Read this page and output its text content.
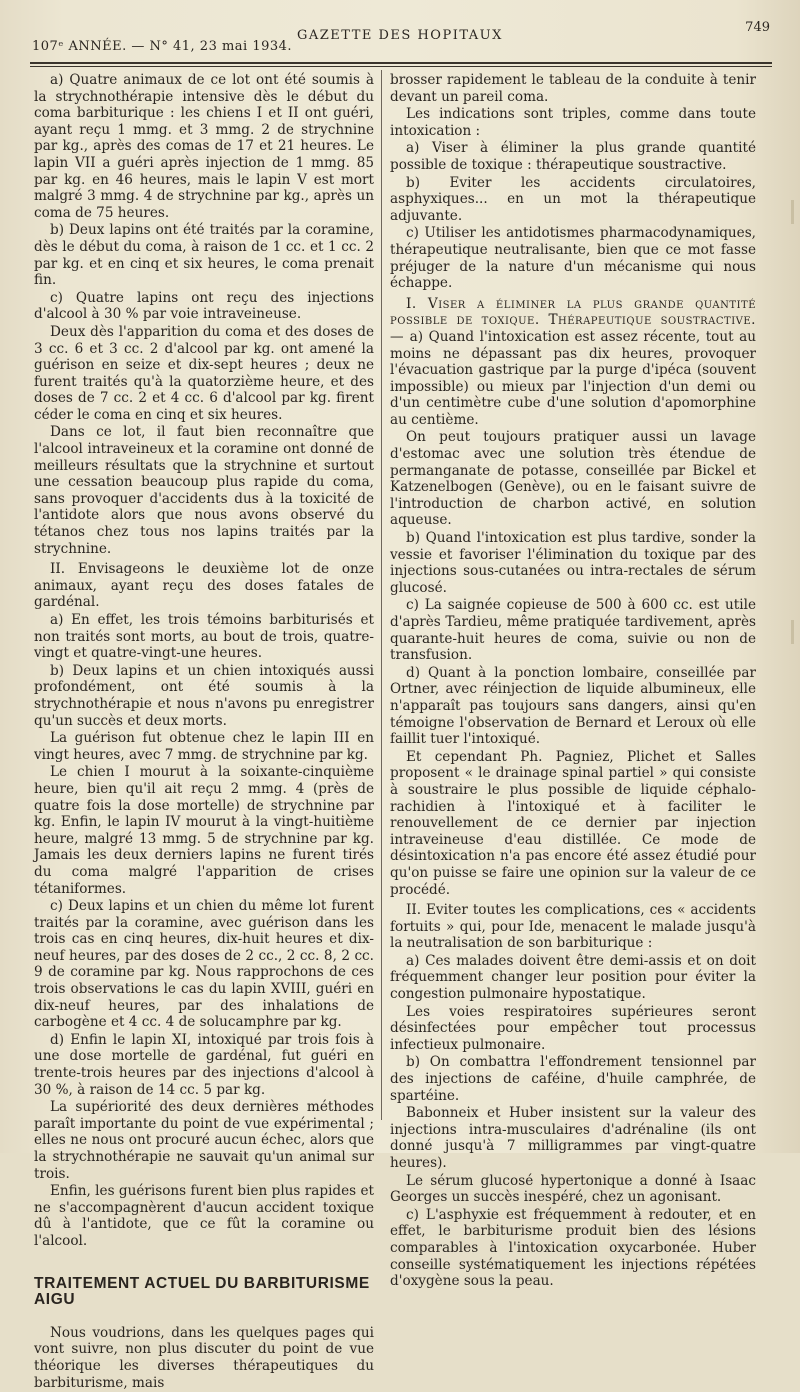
107ᵉ ANNÉE. — N° 41, 23 mai 1934.
GAZETTE DES HOPITAUX
749

a) Quatre animaux de ce lot ont été soumis à la strychnothérapie intensive dès le début du coma barbiturique : les chiens I et II ont guéri, ayant reçu 1 mmg. et 3 mmg. 2 de strychnine par kg., après des comas de 17 et 21 heures. Le lapin VII a guéri après injection de 1 mmg. 85 par kg. en 46 heures, mais le lapin V est mort malgré 3 mmg. 4 de strychnine par kg., après un coma de 75 heures.

b) Deux lapins ont été traités par la coramine, dès le début du coma, à raison de 1 cc. et 1 cc. 2 par kg. et en cinq et six heures, le coma prenait fin.

c) Quatre lapins ont reçu des injections d'alcool à 30 % par voie intraveineuse.

Deux dès l'apparition du coma et des doses de 3 cc. 6 et 3 cc. 2 d'alcool par kg. ont amené la guérison en seize et dix-sept heures ; deux ne furent traités qu'à la quatorzième heure, et des doses de 7 cc. 2 et 4 cc. 6 d'alcool par kg. firent céder le coma en cinq et six heures.

Dans ce lot, il faut bien reconnaître que l'alcool intraveineux et la coramine ont donné de meilleurs résultats que la strychnine et surtout une cessation beaucoup plus rapide du coma, sans provoquer d'accidents dus à la toxicité de l'antidote alors que nous avons observé du tétanos chez tous nos lapins traités par la strychnine.

II. Envisageons le deuxième lot de onze animaux, ayant reçu des doses fatales de gardénal.

a) En effet, les trois témoins barbiturisés et non traités sont morts, au bout de trois, quatre-vingt et quatre-vingt-une heures.

b) Deux lapins et un chien intoxiqués aussi profondément, ont été soumis à la strychnothérapie et nous n'avons pu enregistrer qu'un succès et deux morts.

La guérison fut obtenue chez le lapin III en vingt heures, avec 7 mmg. de strychnine par kg.

Le chien I mourut à la soixante-cinquième heure, bien qu'il ait reçu 2 mmg. 4 (près de quatre fois la dose mortelle) de strychnine par kg. Enfin, le lapin IV mourut à la vingt-huitième heure, malgré 13 mmg. 5 de strychnine par kg. Jamais les deux derniers lapins ne furent tirés du coma malgré l'apparition de crises tétaniformes.

c) Deux lapins et un chien du même lot furent traités par la coramine, avec guérison dans les trois cas en cinq heures, dix-huit heures et dix-neuf heures, par des doses de 2 cc., 2 cc. 8, 2 cc. 9 de coramine par kg. Nous rapprochons de ces trois observations le cas du lapin XVIII, guéri en dix-neuf heures, par des inhalations de carbogène et 4 cc. 4 de solucamphre par kg.

d) Enfin le lapin XI, intoxiqué par trois fois à une dose mortelle de gardénal, fut guéri en trente-trois heures par des injections d'alcool à 30 %, à raison de 14 cc. 5 par kg.

La supériorité des deux dernières méthodes paraît importante du point de vue expérimental ; elles ne nous ont procuré aucun échec, alors que la strychnothérapie ne sauvait qu'un animal sur trois.

Enfin, les guérisons furent bien plus rapides et ne s'accompagnèrent d'aucun accident toxique dû à l'antidote, que ce fût la coramine ou l'alcool.

TRAITEMENT ACTUEL DU BARBITURISME AIGU

Nous voudrions, dans les quelques pages qui vont suivre, non plus discuter du point de vue théorique les diverses thérapeutiques du barbiturisme, mais

brosser rapidement le tableau de la conduite à tenir devant un pareil coma.

Les indications sont triples, comme dans toute intoxication :

a) Viser à éliminer la plus grande quantité possible de toxique : thérapeutique soustractive.

b) Eviter les accidents circulatoires, asphyxiques... en un mot la thérapeutique adjuvante.

c) Utiliser les antidotismes pharmacodynamiques, thérapeutique neutralisante, bien que ce mot fasse préjuger de la nature d'un mécanisme qui nous échappe.

I. Viser a éliminer la plus grande quantité possible de toxique. Thérapeutique soustractive. — a) Quand l'intoxication est assez récente, tout au moins ne dépassant pas dix heures, provoquer l'évacuation gastrique par la purge d'ipéca (souvent impossible) ou mieux par l'injection d'un demi ou d'un centimètre cube d'une solution d'apomorphine au centième.

On peut toujours pratiquer aussi un lavage d'estomac avec une solution très étendue de permanganate de potasse, conseillée par Bickel et Katzenelbogen (Genève), ou en le faisant suivre de l'introduction de charbon activé, en solution aqueuse.

b) Quand l'intoxication est plus tardive, sonder la vessie et favoriser l'élimination du toxique par des injections sous-cutanées ou intra-rectales de sérum glucosé.

c) La saignée copieuse de 500 à 600 cc. est utile d'après Tardieu, même pratiquée tardivement, après quarante-huit heures de coma, suivie ou non de transfusion.

d) Quant à la ponction lombaire, conseillée par Ortner, avec réinjection de liquide albumineux, elle n'apparaît pas toujours sans dangers, ainsi qu'en témoigne l'observation de Bernard et Leroux où elle faillit tuer l'intoxiqué.

Et cependant Ph. Pagniez, Plichet et Salles proposent « le drainage spinal partiel » qui consiste à soustraire le plus possible de liquide céphalo-rachidien à l'intoxiqué et à faciliter le renouvellement de ce dernier par injection intraveineuse d'eau distillée. Ce mode de désintoxication n'a pas encore été assez étudié pour qu'on puisse se faire une opinion sur la valeur de ce procédé.

II. Eviter toutes les complications, ces « accidents fortuits » qui, pour Ide, menacent le malade jusqu'à la neutralisation de son barbiturique :

a) Ces malades doivent être demi-assis et on doit fréquemment changer leur position pour éviter la congestion pulmonaire hypostatique.

Les voies respiratoires supérieures seront désinfectées pour empêcher tout processus infectieux pulmonaire.

b) On combattra l'effondrement tensionnel par des injections de caféine, d'huile camphrée, de spartéine.

Babonneix et Huber insistent sur la valeur des injections intra-musculaires d'adrénaline (ils ont donné jusqu'à 7 milligrammes par vingt-quatre heures).

Le sérum glucosé hypertonique a donné à Isaac Georges un succès inespéré, chez un agonisant.

c) L'asphyxie est fréquemment à redouter, et en effet, le barbiturisme produit bien des lésions comparables à l'intoxication oxycarbonée. Huber conseille systématiquement les injections répétées d'oxygène sous la peau.
